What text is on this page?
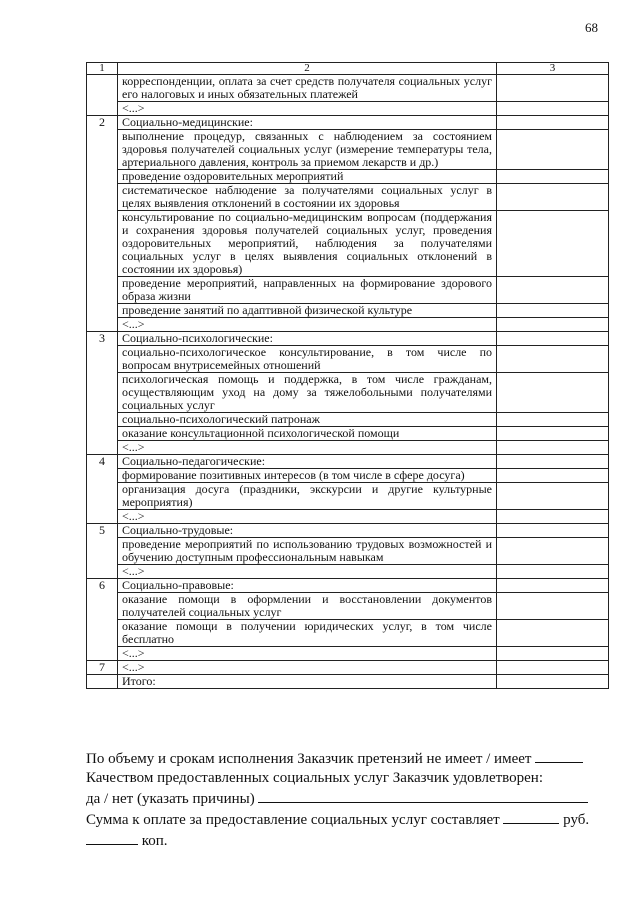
68
1	2	3
	корреспонденции, оплата за счет средств получателя социальных услуг его налоговых и иных обязательных платежей	
	<...>	
2	Социально-медицинские:	
	выполнение процедур, связанных с наблюдением за состоянием здоровья получателей социальных услуг (измерение температуры тела, артериального давления, контроль за приемом лекарств и др.)	
	проведение оздоровительных мероприятий	
	систематическое наблюдение за получателями социальных услуг в целях выявления отклонений в состоянии их здоровья	
	консультирование по социально-медицинским вопросам (поддержания и сохранения здоровья получателей социальных услуг, проведения оздоровительных мероприятий, наблюдения за получателями социальных услуг в целях выявления социальных отклонений в состоянии их здоровья)	
	проведение мероприятий, направленных на формирование здорового образа жизни	
	проведение занятий по адаптивной физической культуре	
	<...>	
3	Социально-психологические:	
	социально-психологическое консультирование, в том числе по вопросам внутрисемейных отношений	
	психологическая помощь и поддержка, в том числе гражданам, осуществляющим уход на дому за тяжелобольными получателями социальных услуг	
	социально-психологический патронаж	
	оказание консультационной психологической помощи	
	<...>	
4	Социально-педагогические:	
	формирование позитивных интересов (в том числе в сфере досуга)	
	организация досуга (праздники, экскурсии и другие культурные мероприятия)	
	<...>	
5	Социально-трудовые:	
	проведение мероприятий по использованию трудовых возможностей и обучению доступным профессиональным навыкам	
	<...>	
6	Социально-правовые:	
	оказание помощи в оформлении и восстановлении документов получателей социальных услуг	
	оказание помощи в получении юридических услуг, в том числе бесплатно	
	<...>	
7	<...>	
	Итого:	

По объему и срокам исполнения Заказчик претензий не имеет / имеет

Качеством предоставленных социальных услуг Заказчик удовлетворен:

да / нет (указать причины)

Сумма к оплате за предоставление социальных услуг составляет	руб.

коп.
